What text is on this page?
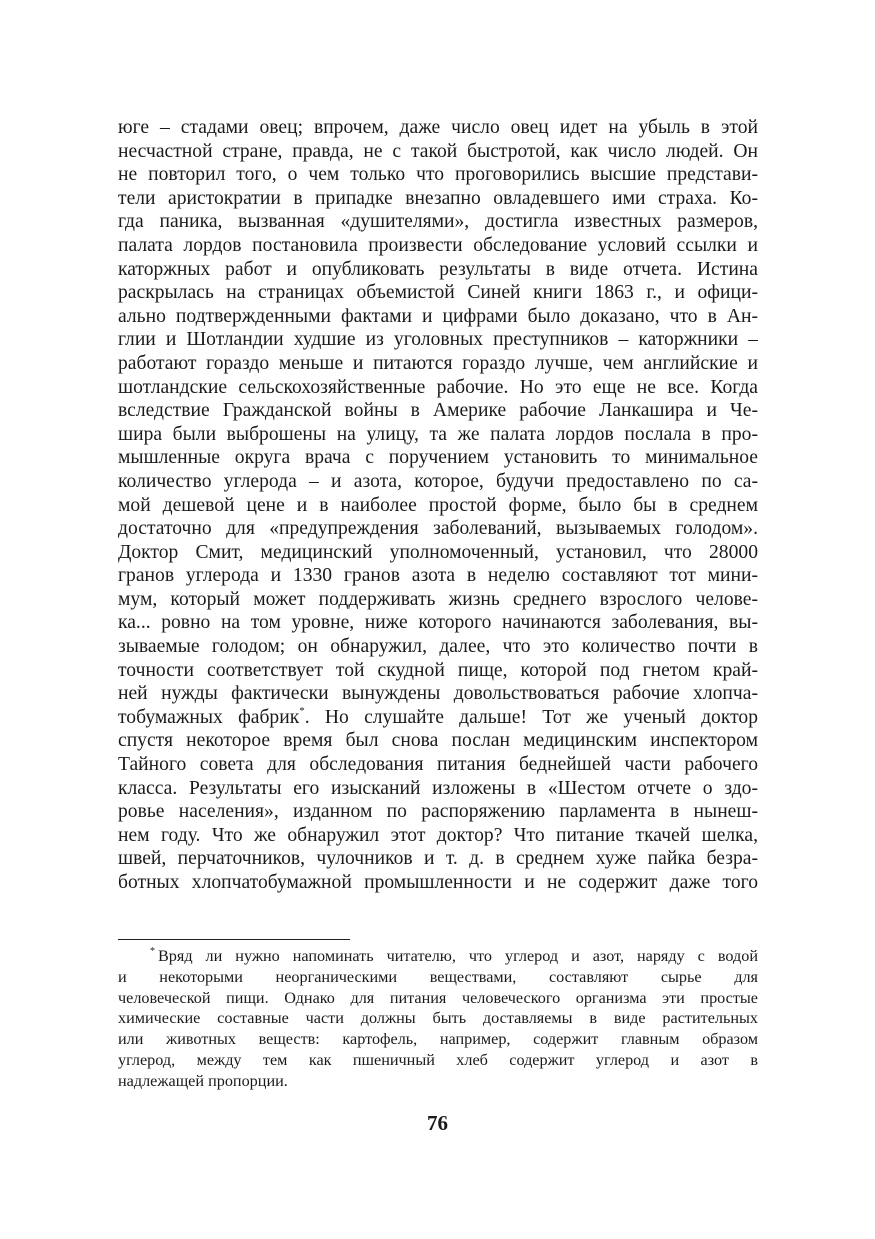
юге – стадами овец; впрочем, даже число овец идет на убыль в этой
несчастной стране, правда, не с такой быстротой, как число людей. Он
не повторил того, о чем только что проговорились высшие представи-
тели аристократии в припадке внезапно овладевшего ими страха. Ко-
гда паника, вызванная «душителями», достигла известных размеров,
палата лордов постановила произвести обследование условий ссылки и
каторжных работ и опубликовать результаты в виде отчета. Истина
раскрылась на страницах объемистой Синей книги 1863 г., и офици-
ально подтвержденными фактами и цифрами было доказано, что в Ан-
глии и Шотландии худшие из уголовных преступников – каторжники –
работают гораздо меньше и питаются гораздо лучше, чем английские и
шотландские сельскохозяйственные рабочие. Но это еще не все. Когда
вследствие Гражданской войны в Америке рабочие Ланкашира и Че-
шира были выброшены на улицу, та же палата лордов послала в про-
мышленные округа врача с поручением установить то минимальное
количество углерода – и азота, которое, будучи предоставлено по са-
мой дешевой цене и в наиболее простой форме, было бы в среднем
достаточно для «предупреждения заболеваний, вызываемых голодом».
Доктор Смит, медицинский уполномоченный, установил, что 28000
гранов углерода и 1330 гранов азота в неделю составляют тот мини-
мум, который может поддерживать жизнь среднего взрослого челове-
ка... ровно на том уровне, ниже которого начинаются заболевания, вы-
зываемые голодом; он обнаружил, далее, что это количество почти в
точности соответствует той скудной пище, которой под гнетом край-
ней нужды фактически вынуждены довольствоваться рабочие хлопча-
тобумажных фабрик*. Но слушайте дальше! Тот же ученый доктор
спустя некоторое время был снова послан медицинским инспектором
Тайного совета для обследования питания беднейшей части рабочего
класса. Результаты его изысканий изложены в «Шестом отчете о здо-
ровье населения», изданном по распоряжению парламента в нынеш-
нем году. Что же обнаружил этот доктор? Что питание ткачей шелка,
швей, перчаточников, чулочников и т. д. в среднем хуже пайка безра-
ботных хлопчатобумажной промышленности и не содержит даже того
* Вряд ли нужно напоминать читателю, что углерод и азот, наряду с водой
и некоторыми неорганическими веществами, составляют сырье для
человеческой пищи. Однако для питания человеческого организма эти простые
химические составные части должны быть доставляемы в виде растительных
или животных веществ: картофель, например, содержит главным образом
углерод, между тем как пшеничный хлеб содержит углерод и азот в
надлежащей пропорции.
76
